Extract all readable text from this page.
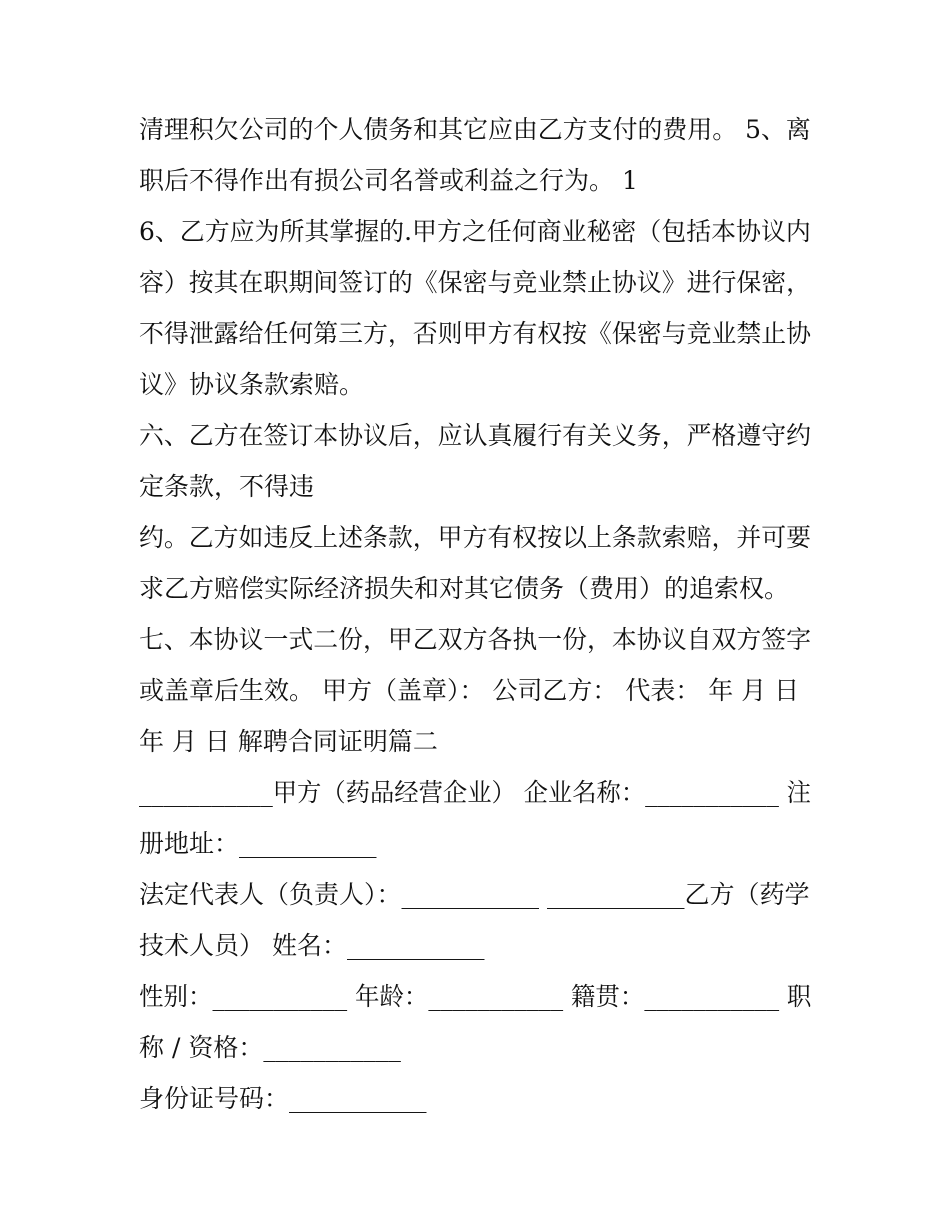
清理积欠公司的个人债务和其它应由乙方支付的费用。 5、离
职后不得作出有损公司名誉或利益之行为。 1
6、乙方应为所其掌握的.甲方之任何商业秘密（包括本协议内
容）按其在职期间签订的《保密与竞业禁止协议》进行保密，
不得泄露给任何第三方，否则甲方有权按《保密与竞业禁止协
议》协议条款索赔。
六、乙方在签订本协议后，应认真履行有关义务，严格遵守约
定条款，不得违
约。乙方如违反上述条款，甲方有权按以上条款索赔，并可要
求乙方赔偿实际经济损失和对其它债务（费用）的追索权。
七、本协议一式二份，甲乙双方各执一份，本协议自双方签字
或盖章后生效。 甲方（盖章）： 公司乙方： 代表： 年 月 日
年 月 日 解聘合同证明篇二
___________甲方（药品经营企业） 企业名称：___________ 注
册地址：___________
法定代表人（负责人）：___________ ___________乙方（药学
技术人员） 姓名：___________
性别：___________ 年龄：___________ 籍贯：___________ 职
称 / 资格：___________
身份证号码：___________
